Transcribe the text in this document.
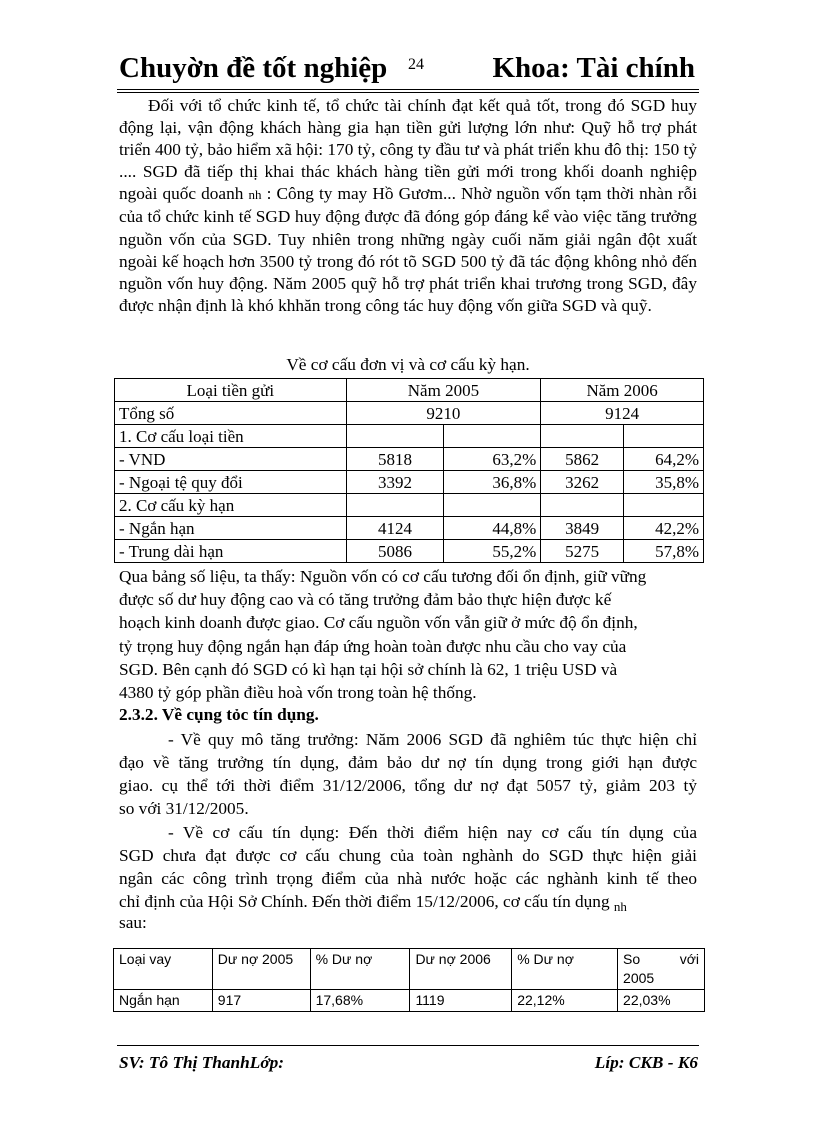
Chuyờn đề tốt nghiệp 24 Khoa: Tài chính
Đối với tổ chức kinh tế, tổ chức tài chính đạt kết quả tốt, trong đó SGD huy động lại, vận động khách hàng gia hạn tiền gửi lượng lớn như: Quỹ hỗ trợ phát triển 400 tỷ, bảo hiểm xã hội: 170 tỷ, công ty đầu tư và phát triển khu đô thị: 150 tỷ .... SGD đã tiếp thị khai thác khách hàng tiền gửi mới trong khối doanh nghiệp ngoài quốc doanh nh : Công ty may Hồ Gươm... Nhờ nguồn vốn tạm thời nhàn rỗi của tổ chức kinh tế SGD huy động được đã đóng góp đáng kể vào việc tăng trưởng nguồn vốn của SGD. Tuy nhiên trong những ngày cuối năm giải ngân đột xuất ngoài kế hoạch hơn 3500 tỷ trong đó rót tõ SGD 500 tỷ đã tác động không nhỏ đến nguồn vốn huy động. Năm 2005 quỹ hỗ trợ phát triển khai trương trong SGD, đây được nhận định là khó khhăn trong công tác huy động vốn giữa SGD và quỹ.
Về cơ cấu đơn vị và cơ cấu kỳ hạn.
Loại tiền gửi	Năm 2005		Năm 2006	
Tổng số	9210		9124	
1. Cơ cấu loại tiền				
- VND	5818	63,2%	5862	64,2%
- Ngoại tệ quy đổi	3392	36,8%	3262	35,8%
2. Cơ cấu kỳ hạn				
- Ngắn hạn	4124	44,8%	3849	42,2%
- Trung dài hạn	5086	55,2%	5275	57,8%
Qua bảng số liệu, ta thấy: Nguồn vốn có cơ cấu tương đối ổn định, giữ vững
được số dư huy động cao và có tăng trưởng đảm bảo thực hiện được kế
hoạch kinh doanh được giao. Cơ cấu nguồn vốn vẫn giữ ở mức độ ổn định,
tỷ trọng huy động ngắn hạn đáp ứng hoàn toàn được nhu cầu cho vay của
SGD. Bên cạnh đó SGD có kì hạn tại hội sở chính là 62, 1 triệu USD và
4380 tỷ góp phần điều hoà vốn trong toàn hệ thống.
2.3.2. Về cụng tỏc tín dụng.
- Về quy mô tăng trưởng: Năm 2006 SGD đã nghiêm túc thực hiện chỉ
đạo về tăng trưởng tín dụng, đảm bảo dư nợ tín dụng trong giới hạn được
giao. cụ thể tới thời điểm 31/12/2006, tổng dư nợ đạt 5057 tỷ, giảm 203 tỷ
so với 31/12/2005.
- Về cơ cấu tín dụng: Đến thời điểm hiện nay cơ cấu tín dụng của
SGD chưa đạt được cơ cấu chung của toàn nghành do SGD thực hiện giải
ngân các công trình trọng điểm của nhà nước hoặc các nghành kinh tế theo
chỉ định của Hội Sở Chính. Đến thời điểm 15/12/2006, cơ cấu tín dụng $_{nh}$
sau:
Loại vay	Dư nợ 2005	% Dư nợ	Dư nợ 2006	% Dư nợ	So với
2005

Ngắn hạn	917	17,68%	1119	22,12%	22,03%
SV: Tô Thị ThanhLớp:	Líp: CKB - K6
